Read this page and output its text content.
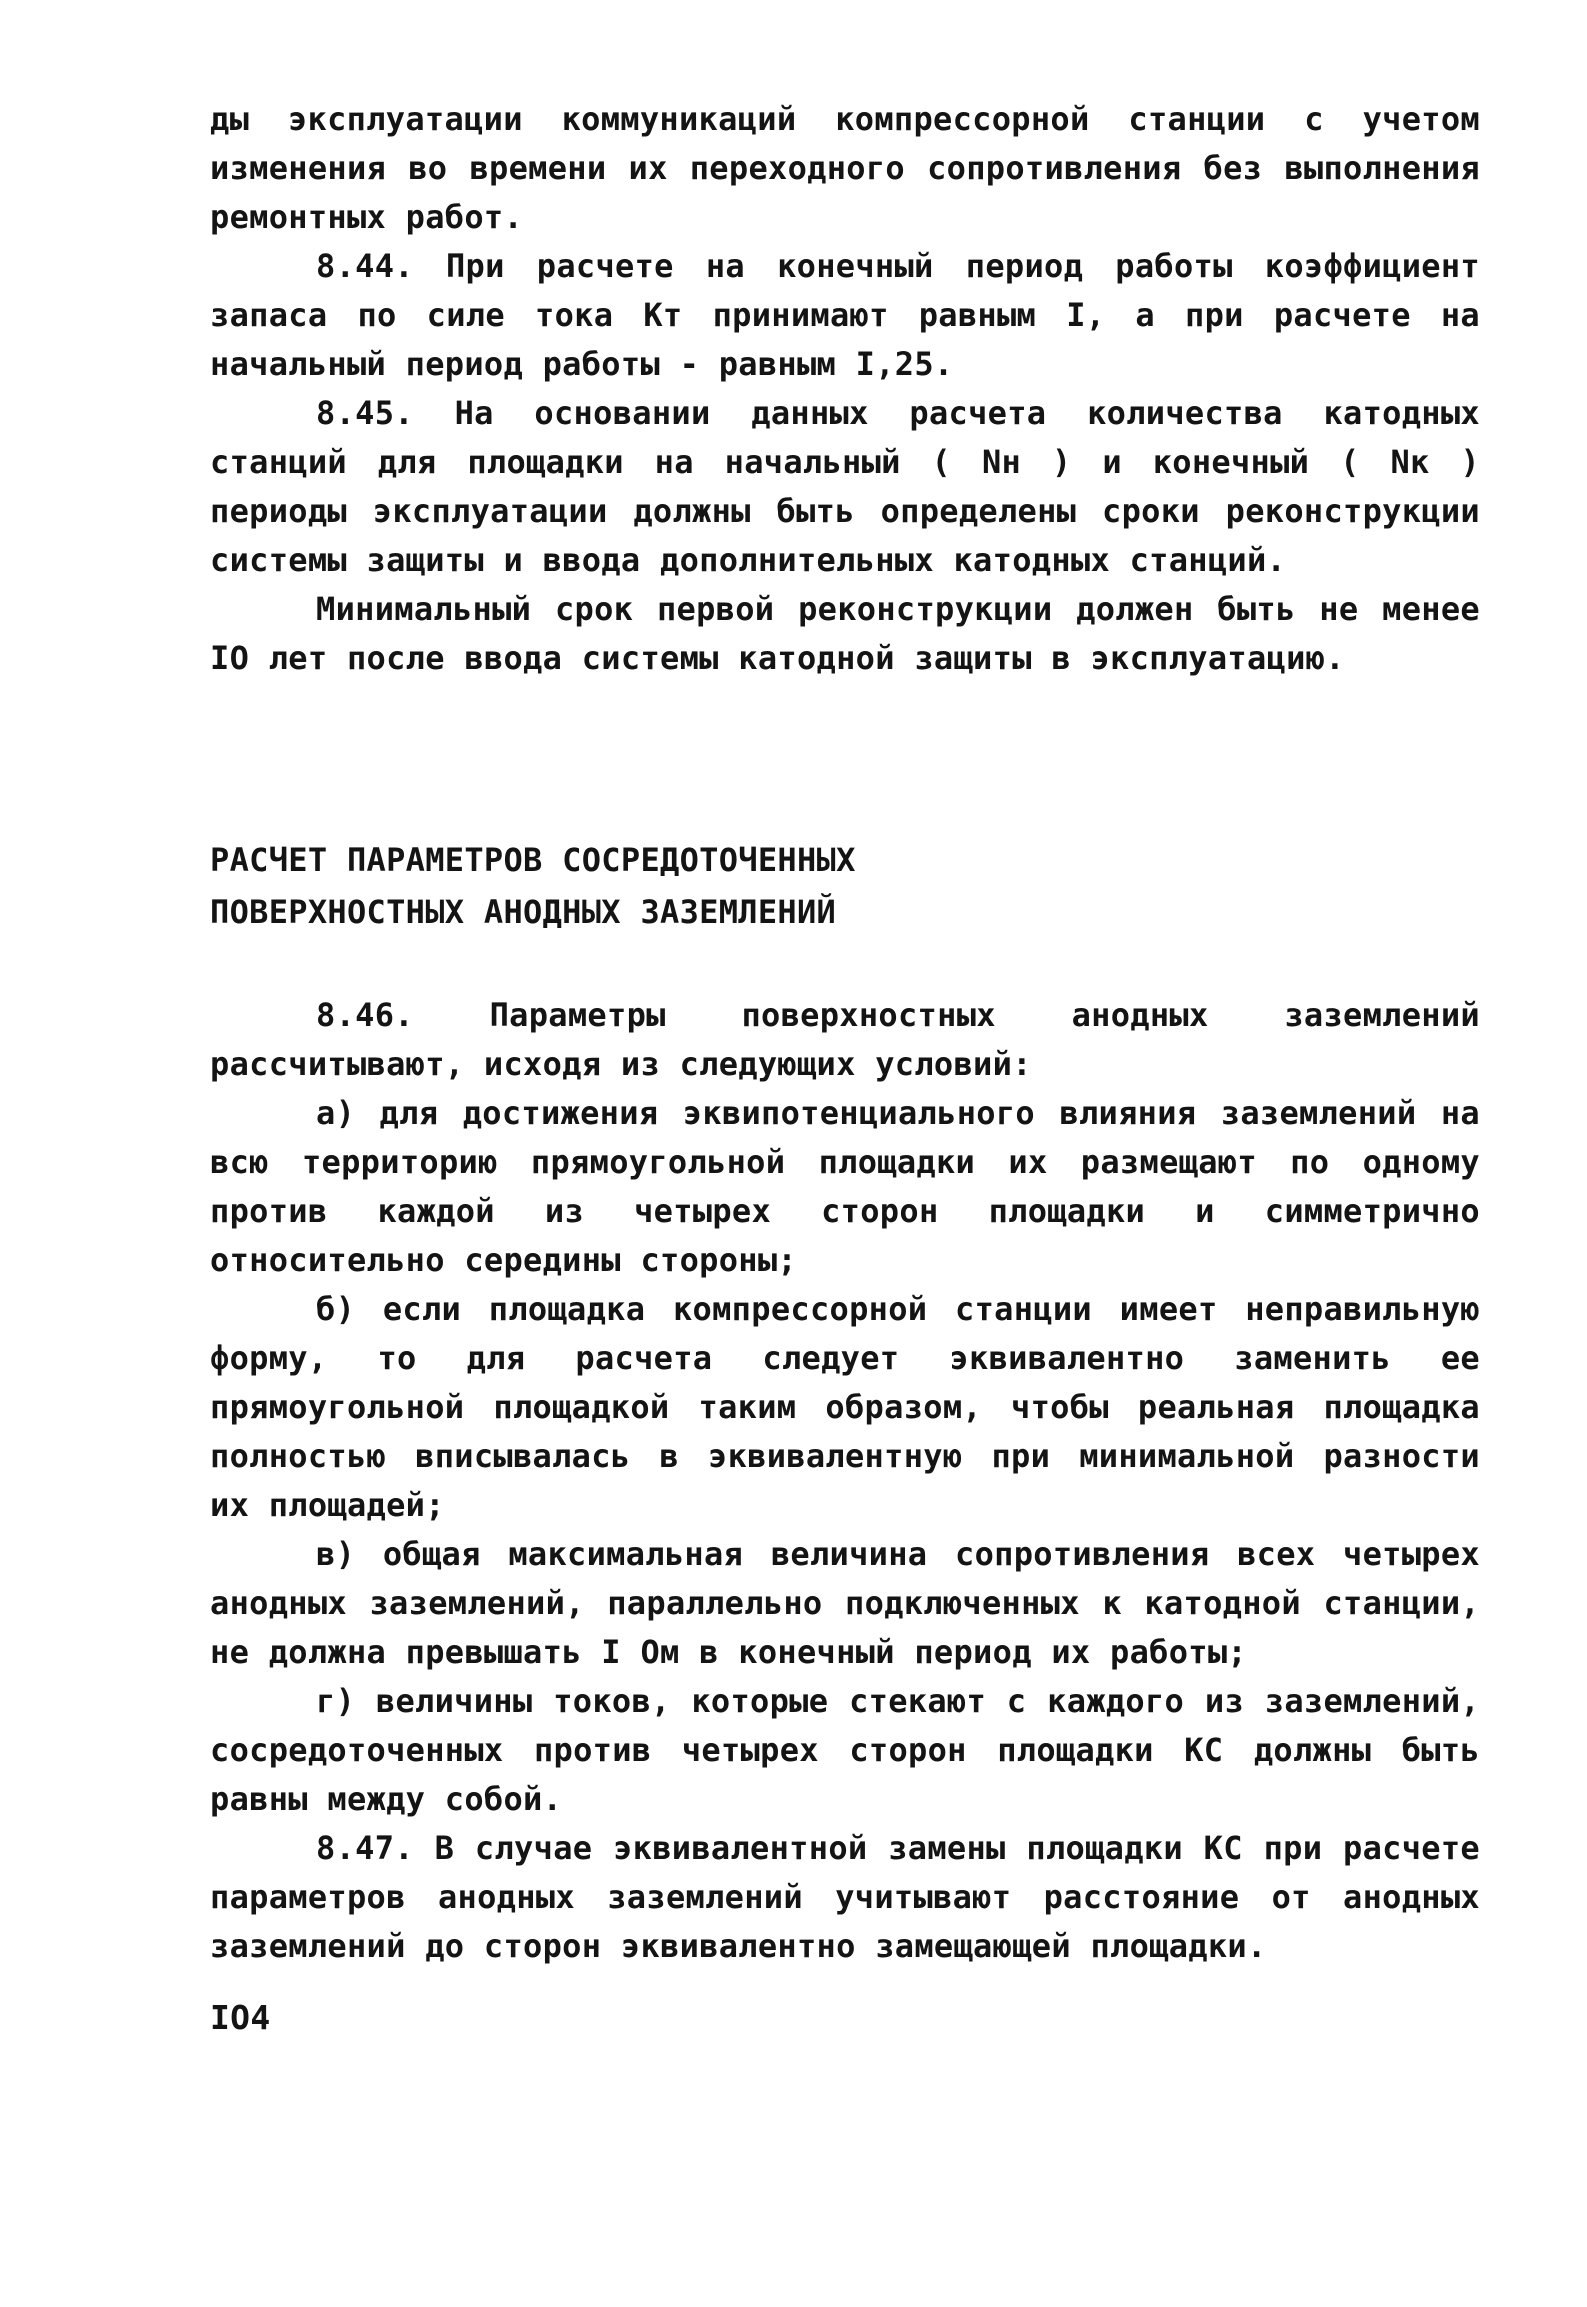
ды эксплуатации коммуникаций компрессорной станции с учетом изменения во времени их переходного сопротивления без выполнения ремонтных работ.

8.44. При расчете на конечный период работы коэффициент запаса по силе тока Кт принимают равным I, а при расчете на начальный период работы - равным I,25.

8.45. На основании данных расчета количества катодных станций для площадки на начальный ( Nн ) и конечный ( Nк ) периоды эксплуатации должны быть определены сроки реконструкции системы защиты и ввода дополнительных катодных станций.

Минимальный срок первой реконструкции должен быть не менее IO лет после ввода системы катодной защиты в эксплуатацию.

РАСЧЕТ ПАРАМЕТРОВ СОСРЕДОТОЧЕННЫХ
ПОВЕРХНОСТНЫХ АНОДНЫХ ЗАЗЕМЛЕНИЙ

8.46. Параметры поверхностных анодных заземлений рассчитывают, исходя из следующих условий:

а) для достижения эквипотенциального влияния заземлений на всю территорию прямоугольной площадки их размещают по одному против каждой из четырех сторон площадки и симметрично относительно середины стороны;

б) если площадка компрессорной станции имеет неправильную форму, то для расчета следует эквивалентно заменить ее прямоугольной площадкой таким образом, чтобы реальная площадка полностью вписывалась в эквивалентную при минимальной разности их площадей;

в) общая максимальная величина сопротивления всех четырех анодных заземлений, параллельно подключенных к катодной станции, не должна превышать I Ом в конечный период их работы;

г) величины токов, которые стекают с каждого из заземлений, сосредоточенных против четырех сторон площадки КС должны быть равны между собой.

8.47. В случае эквивалентной замены площадки КС при расчете параметров анодных заземлений учитывают расстояние от анодных заземлений до сторон эквивалентно замещающей площадки.

IO4
